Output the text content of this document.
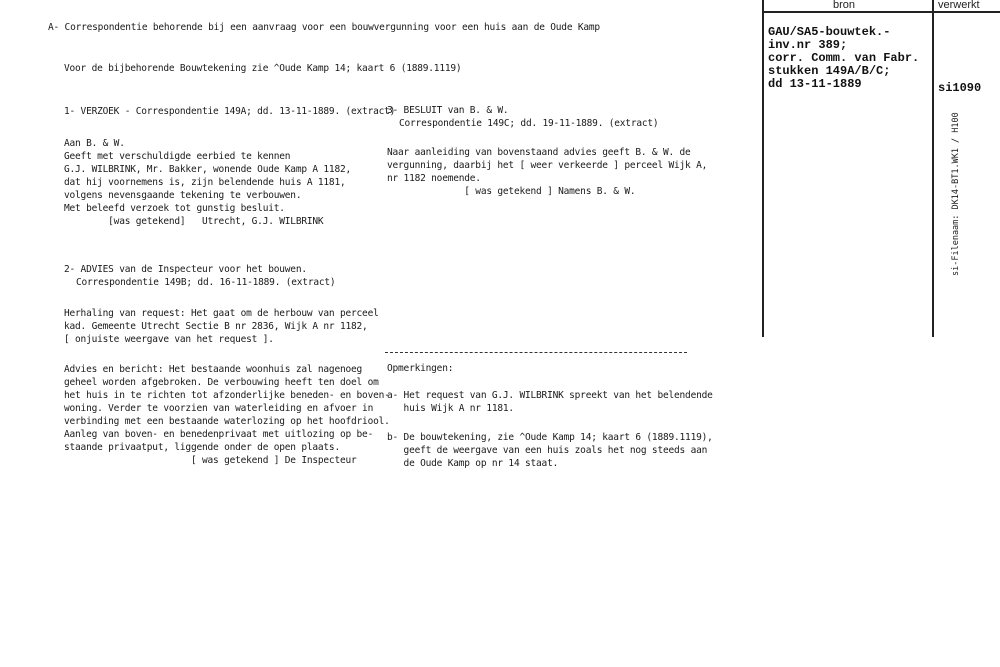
A- Correspondentie behorende bij een aanvraag voor een bouwvergunning voor een huis aan de Oude Kamp
Voor de bijbehorende Bouwtekening zie ^Oude Kamp 14; kaart 6 (1889.1119)
1- VERZOEK - Correspondentie 149A; dd. 13-11-1889. (extract)
Aan B. & W.
Geeft met verschuldigde eerbied te kennen
G.J. WILBRINK, Mr. Bakker, wonende Oude Kamp A 1182,
dat hij voornemens is, zijn belendende huis A 1181,
volgens nevensgaande tekening te verbouwen.
Met beleefd verzoek tot gunstig besluit.
[was getekend]   Utrecht, G.J. WILBRINK
2- ADVIES van de Inspecteur voor het bouwen.
Correspondentie 149B; dd. 16-11-1889. (extract)
Herhaling van request: Het gaat om de herbouw van perceel
kad. Gemeente Utrecht Sectie B nr 2836, Wijk A nr 1182,
[ onjuiste weergave van het request ].
Advies en bericht: Het bestaande woonhuis zal nagenoeg
geheel worden afgebroken. De verbouwing heeft ten doel om
het huis in te richten tot afzonderlijke beneden- en boven-
woning. Verder te voorzien van waterleiding en afvoer in
verbinding met een bestaande waterlozing op het hoofdriool.
Aanleg van boven- en benedenprivaat met uitlozing op be-
staande privaatput, liggende onder de open plaats.
[ was getekend ] De Inspecteur
3- BESLUIT van B. & W.
Correspondentie 149C; dd. 19-11-1889. (extract)
Naar aanleiding van bovenstaand advies geeft B. & W. de
vergunning, daarbij het [ weer verkeerde ] perceel Wijk A,
nr 1182 noemende.
[ was getekend ] Namens B. & W.
Opmerkingen:
a- Het request van G.J. WILBRINK spreekt van het belendende
huis Wijk A nr 1181.
b- De bouwtekening, zie ^Oude Kamp 14; kaart 6 (1889.1119),
geeft de weergave van een huis zoals het nog steeds aan
de Oude Kamp op nr 14 staat.
bron	verwerkt
GAU/SA5-bouwtek.-
inv.nr 389;
corr. Comm. van Fabr.
stukken 149A/B/C;
dd 13-11-1889	si1090
si-Filenaam: DK14-BT1.WK1 / H100
